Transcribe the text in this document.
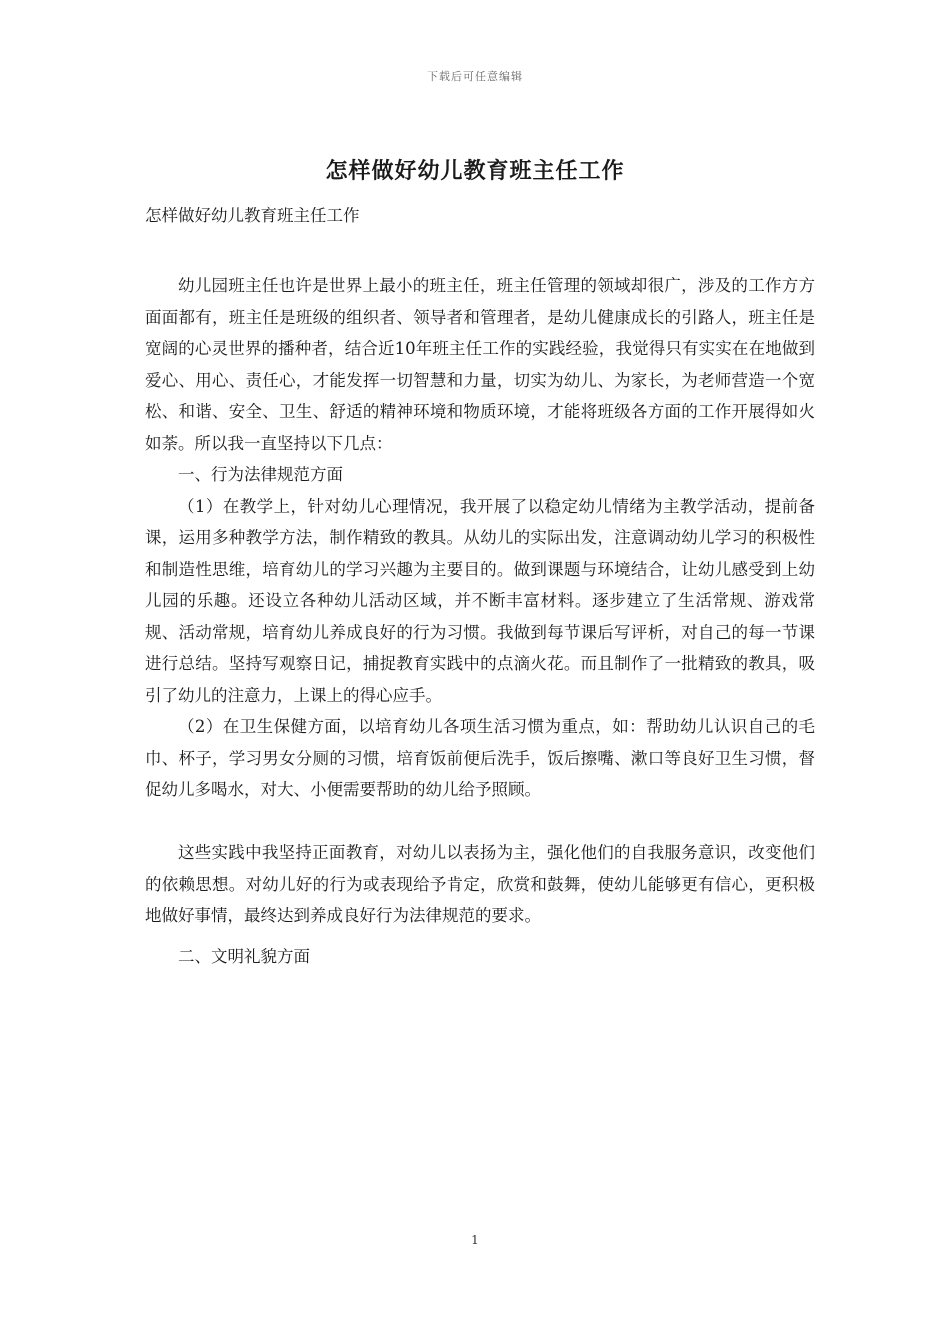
下载后可任意编辑
怎样做好幼儿教育班主任工作
怎样做好幼儿教育班主任工作

幼儿园班主任也许是世界上最小的班主任，班主任管理的领域却很广，涉及的工作方方面面都有，班主任是班级的组织者、领导者和管理者，是幼儿健康成长的引路人，班主任是宽阔的心灵世界的播种者，结合近10年班主任工作的实践经验，我觉得只有实实在在地做到爱心、用心、责任心，才能发挥一切智慧和力量，切实为幼儿、为家长，为老师营造一个宽松、和谐、安全、卫生、舒适的精神环境和物质环境，才能将班级各方面的工作开展得如火如荼。所以我一直坚持以下几点：

一、行为法律规范方面

（1）在教学上，针对幼儿心理情况，我开展了以稳定幼儿情绪为主教学活动，提前备课，运用多种教学方法，制作精致的教具。从幼儿的实际出发，注意调动幼儿学习的积极性和制造性思维，培育幼儿的学习兴趣为主要目的。做到课题与环境结合，让幼儿感受到上幼儿园的乐趣。还设立各种幼儿活动区域，并不断丰富材料。逐步建立了生活常规、游戏常规、活动常规，培育幼儿养成良好的行为习惯。我做到每节课后写评析，对自己的每一节课进行总结。坚持写观察日记，捕捉教育实践中的点滴火花。而且制作了一批精致的教具，吸引了幼儿的注意力，上课上的得心应手。

（2）在卫生保健方面，以培育幼儿各项生活习惯为重点，如：帮助幼儿认识自己的毛巾、杯子，学习男女分厕的习惯，培育饭前便后洗手，饭后擦嘴、漱口等良好卫生习惯，督促幼儿多喝水，对大、小便需要帮助的幼儿给予照顾。

这些实践中我坚持正面教育，对幼儿以表扬为主，强化他们的自我服务意识，改变他们的依赖思想。对幼儿好的行为或表现给予肯定，欣赏和鼓舞，使幼儿能够更有信心，更积极地做好事情，最终达到养成良好行为法律规范的要求。

二、文明礼貌方面

1
